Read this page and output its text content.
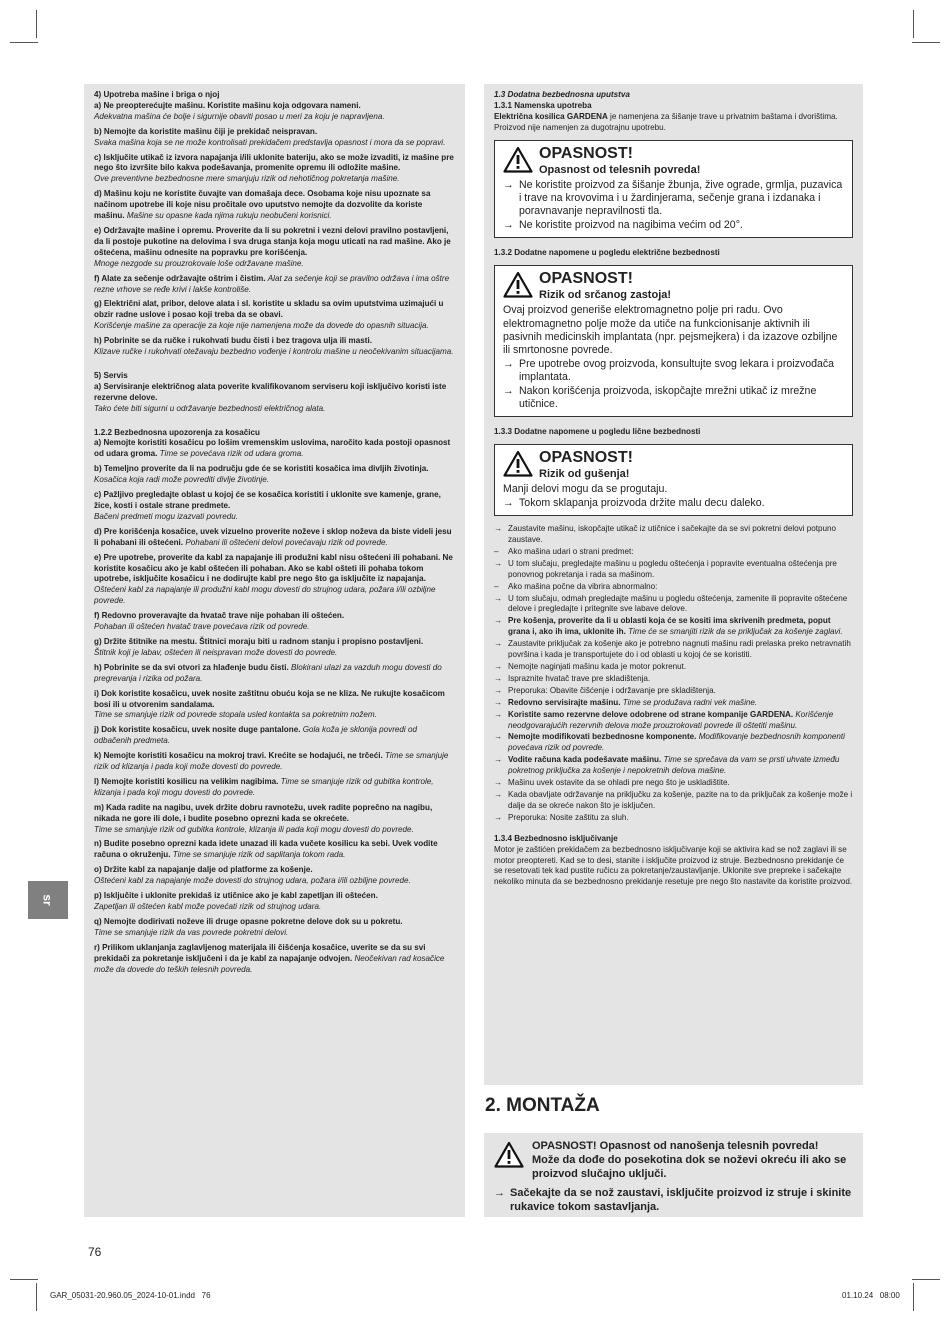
4) Upotreba mašine i briga o njoj

a) Ne preopterećujte mašinu. Koristite mašinu koja odgovara nameni.
Adekvatna mašina će bolje i sigurnije obaviti posao u meri za koju je napravljena.
b) Nemojte da koristite mašinu čiji je prekidač neispravan.
Svaka mašina koja se ne može kontrolisati prekidačem predstavlja opasnost i mora da se popravi.
c) Isključite utikač iz izvora napajanja i/ili uklonite bateriju, ako se može izvaditi, iz mašine pre nego što izvršite bilo kakva podešavanja, promenite opremu ili odložite mašine.
Ove preventivne bezbednosne mere smanjuju rizik od nehotičnog pokretanja mašine.
d) Mašinu koju ne koristite čuvajte van domašaja dece. Osobama koje nisu upoznate sa načinom upotrebe ili koje nisu pročitale ovo uputstvo nemojte da dozvolite da koriste mašinu. Mašine su opasne kada njima rukuju neobučeni korisnici.
e) Održavajte mašine i opremu. Proverite da li su pokretni i vezni delovi pravilno postavljeni, da li postoje pukotine na delovima i sva druga stanja koja mogu uticati na rad mašine. Ako je oštećena, mašinu odnesite na popravku pre korišćenja.
Mnoge nezgode su prouzrokovale loše održavane mašine.
f) Alate za sečenje održavajte oštrim i čistim. Alat za sečenje koji se pravilno održava i ima oštre rezne vrhove se ređe krivi i lakše kontroliše.
g) Električni alat, pribor, delove alata i sl. koristite u skladu sa ovim uputstvima uzimajući u obzir radne uslove i posao koji treba da se obavi.
Korišćenje mašine za operacije za koje nije namenjena može da dovede do opasnih situacija.
h) Pobrinite se da ručke i rukohvati budu čisti i bez tragova ulja ili masti.
Klizave ručke i rukohvati otežavaju bezbedno vođenje i kontrolu mašine u neočekivanim situacijama.

5) Servis

a) Servisiranje električnog alata poverite kvalifikovanom serviseru koji isključivo koristi iste rezervne delove.
Tako ćete biti sigurni u održavanje bezbednosti električnog alata.

1.2.2 Bezbednosna upozorenja za kosačicu

a) Nemojte koristiti kosačicu po lošim vremenskim uslovima, naročito kada postoji opasnost od udara groma. Time se povećava rizik od udara groma.
b) Temeljno proverite da li na području gde će se koristiti kosačica ima divljih životinja. Kosačica koja radi može povrediti divlje životinje.
c) Pažljivo pregledajte oblast u kojoj će se kosačica koristiti i uklonite sve kamenje, grane, žice, kosti i ostale strane predmete.
Bačeni predmeti mogu izazvati povredu.
d) Pre korišćenja kosačice, uvek vizuelno proverite noževe i sklop noževa da biste videli jesu li pohabani ili oštećeni. Pohabani ili oštećeni delovi povećavaju rizik od povrede.
e) Pre upotrebe, proverite da kabl za napajanje ili produžni kabl nisu oštećeni ili pohabani. Ne koristite kosačicu ako je kabl oštećen ili pohaban. Ako se kabl ošteti ili pohaba tokom upotrebe, isključite kosačicu i ne dodirujte kabl pre nego što ga isključite iz napajanja.
Oštećeni kabl za napajanje ili produžni kabl mogu dovesti do strujnog udara, požara i/ili ozbiljne povrede.
f) Redovno proveravajte da hvatač trave nije pohaban ili oštećen.
Pohaban ili oštećen hvatač trave povećava rizik od povrede.
g) Držite štitnike na mestu. Štitnici moraju biti u radnom stanju i propisno postavljeni.
Štitnik koji je labav, oštećen ili neispravan može dovesti do povrede.
h) Pobrinite se da svi otvori za hlađenje budu čisti. Blokirani ulazi za vazduh mogu dovesti do pregrevanja i rizika od požara.
i) Dok koristite kosačicu, uvek nosite zaštitnu obuću koja se ne kliza. Ne rukujte kosačicom bosi ili u otvorenim sandalama.
Time se smanjuje rizik od povrede stopala usled kontakta sa pokretnim nožem.
j) Dok koristite kosačicu, uvek nosite duge pantalone. Gola koža je sklonija povredi od odbačenih predmeta.
k) Nemojte koristiti kosačicu na mokroj travi. Krećite se hodajući, ne trčeći. Time se smanjuje rizik od klizanja i pada koji može dovesti do povrede.
l) Nemojte koristiti kosilicu na velikim nagibima. Time se smanjuje rizik od gubitka kontrole, klizanja i pada koji mogu dovesti do povrede.
m) Kada radite na nagibu, uvek držite dobru ravnotežu, uvek radite poprečno na nagibu, nikada ne gore ili dole, i budite posebno oprezni kada se okrećete.
Time se smanjuje rizik od gubitka kontrole, klizanja ili pada koji mogu dovesti do povrede.
n) Budite posebno oprezni kada idete unazad ili kada vučete kosilicu ka sebi. Uvek vodite računa o okruženju. Time se smanjuje rizik od saplitanja tokom rada.
o) Držite kabl za napajanje dalje od platforme za košenje.
Oštećeni kabl za napajanje može dovesti do strujnog udara, požara i/ili ozbiljne povrede.
p) Isključite i uklonite prekidaš iz utičnice ako je kabl zapetljan ili oštećen.
Zapetljan ili oštećen kabl može povećati rizik od strujnog udara.
q) Nemojte dodirivati noževe ili druge opasne pokretne delove dok su u pokretu.
Time se smanjuje rizik da vas povrede pokretni delovi.
r) Prilikom uklanjanja zaglavljenog materijala ili čišćenja kosačice, uverite se da su svi prekidači za pokretanje isključeni i da je kabl za napajanje odvojen. Neočekivan rad kosačice može da dovede do teških telesnih povreda.

1.3 Dodatna bezbednosna uputstva

1.3.1 Namenska upotreba

Električna kosilica GARDENA je namenjena za šišanje trave u privatnim baštama i dvorištima.

Proizvod nije namenjen za dugotrajnu upotrebu.

OPASNOST!
Opasnost od telesnih povreda!
→ Ne koristite proizvod za šišanje žbunja, žive ograde, grmlja, puzavica i trave na krovovima i u žardinjerama, sečenje grana i izdanaka i poravnavanje nepravilnosti tla.
→ Ne koristite proizvod na nagibima većim od 20°.

1.3.2 Dodatne napomene u pogledu električne bezbednosti

OPASNOST!
Rizik od srčanog zastoja!

Ovaj proizvod generiše elektromagnetno polje pri radu. Ovo elektromagnetno polje može da utiče na funkcionisanje aktivnih ili pasivnih medicinskih implantata (npr. pejsmejkera) i da izazove ozbiljne ili smrtonosne povrede.

→ Pre upotrebe ovog proizvoda, konsultujte svog lekara i proizvođača implantata.
→ Nakon korišćenja proizvoda, iskopčajte mrežni utikač iz mrežne utičnice.

1.3.3 Dodatne napomene u pogledu lične bezbednosti

OPASNOST!
Rizik od gušenja!

Manji delovi mogu da se progutaju.

→ Tokom sklapanja proizvoda držite malu decu daleko.
→ Zaustavite mašinu, iskopčajte utikač iz utičnice i sačekajte da se svi pokretni delovi potpuno zaustave.
–	Ako mašina udari o strani predmet:
→ U tom slučaju, pregledajte mašinu u pogledu oštećenja i popravite eventualna oštećenja pre ponovnog pokretanja i rada sa mašinom.
–	Ako mašina počne da vibrira abnormalno:
→ U tom slučaju, odmah pregledajte mašinu u pogledu oštećenja, zamenite ili popravite oštećene delove i pregledajte i pritegnite sve labave delove.
→ Pre košenja, proverite da li u oblasti koja će se kositi ima skrivenih predmeta, poput grana i, ako ih ima, uklonite ih. Time će se smanjiti rizik da se priključak za košenje zaglavi.
→ Zaustavite priključak za košenje ako je potrebno nagnuti mašinu radi prelaska preko netravnatih površina i kada je transportujete do i od oblasti u kojoj će se koristiti.
→ Nemojte naginjati mašinu kada je motor pokrenut.
→ Ispraznite hvatač trave pre skladištenja.
→ Preporuka: Obavite čišćenje i održavanje pre skladištenja.
→ Redovno servisirajte mašinu. Time se produžava radni vek mašine.
→ Koristite samo rezervne delove odobrene od strane kompanije GARDENA. Korišćenje neodgovarajućih rezervnih delova može prouzrokovati povrede ili oštetiti mašinu.
→ Nemojte modifikovati bezbednosne komponente. Modifikovanje bezbednosnih komponenti povećava rizik od povrede.
→ Vodite računa kada podešavate mašinu. Time se sprečava da vam se prsti uhvate između pokretnog priključka za košenje i nepokretnih delova mašine.
→ Mašinu uvek ostavite da se ohladi pre nego što je uskladištite.
→ Kada obavljate održavanje na priključku za košenje, pazite na to da priključak za košenje može i dalje da se okreće nakon što je isključen.
→ Preporuka: Nosite zaštitu za sluh.

1.3.4 Bezbednosno isključivanje

Motor je zaštićen prekidačem za bezbednosno isključivanje koji se aktivira kad se nož zaglavi ili se motor preoptereti. Kad se to desi, stanite i isključite proizvod iz struje. Bezbednosno prekidanje će se resetovati tek kad pustite ručicu za pokretanje/zaustavljanje. Uklonite sve prepreke i sačekajte nekoliko minuta da se bezbednosno prekidanje resetuje pre nego što nastavite da koristite proizvod.

2. MONTAŽA
OPASNOST! Opasnost od nanošenja telesnih povreda!
Može da dođe do posekotina dok se noževi okreću ili ako se proizvod slučajno uključi.
→ Sačekajte da se nož zaustavi, isključite proizvod iz struje i skinite rukavice tokom sastavljanja.
sr
76
GAR_05031-20.960.05_2024-10-01.indd   76	01.10.24   08:00
